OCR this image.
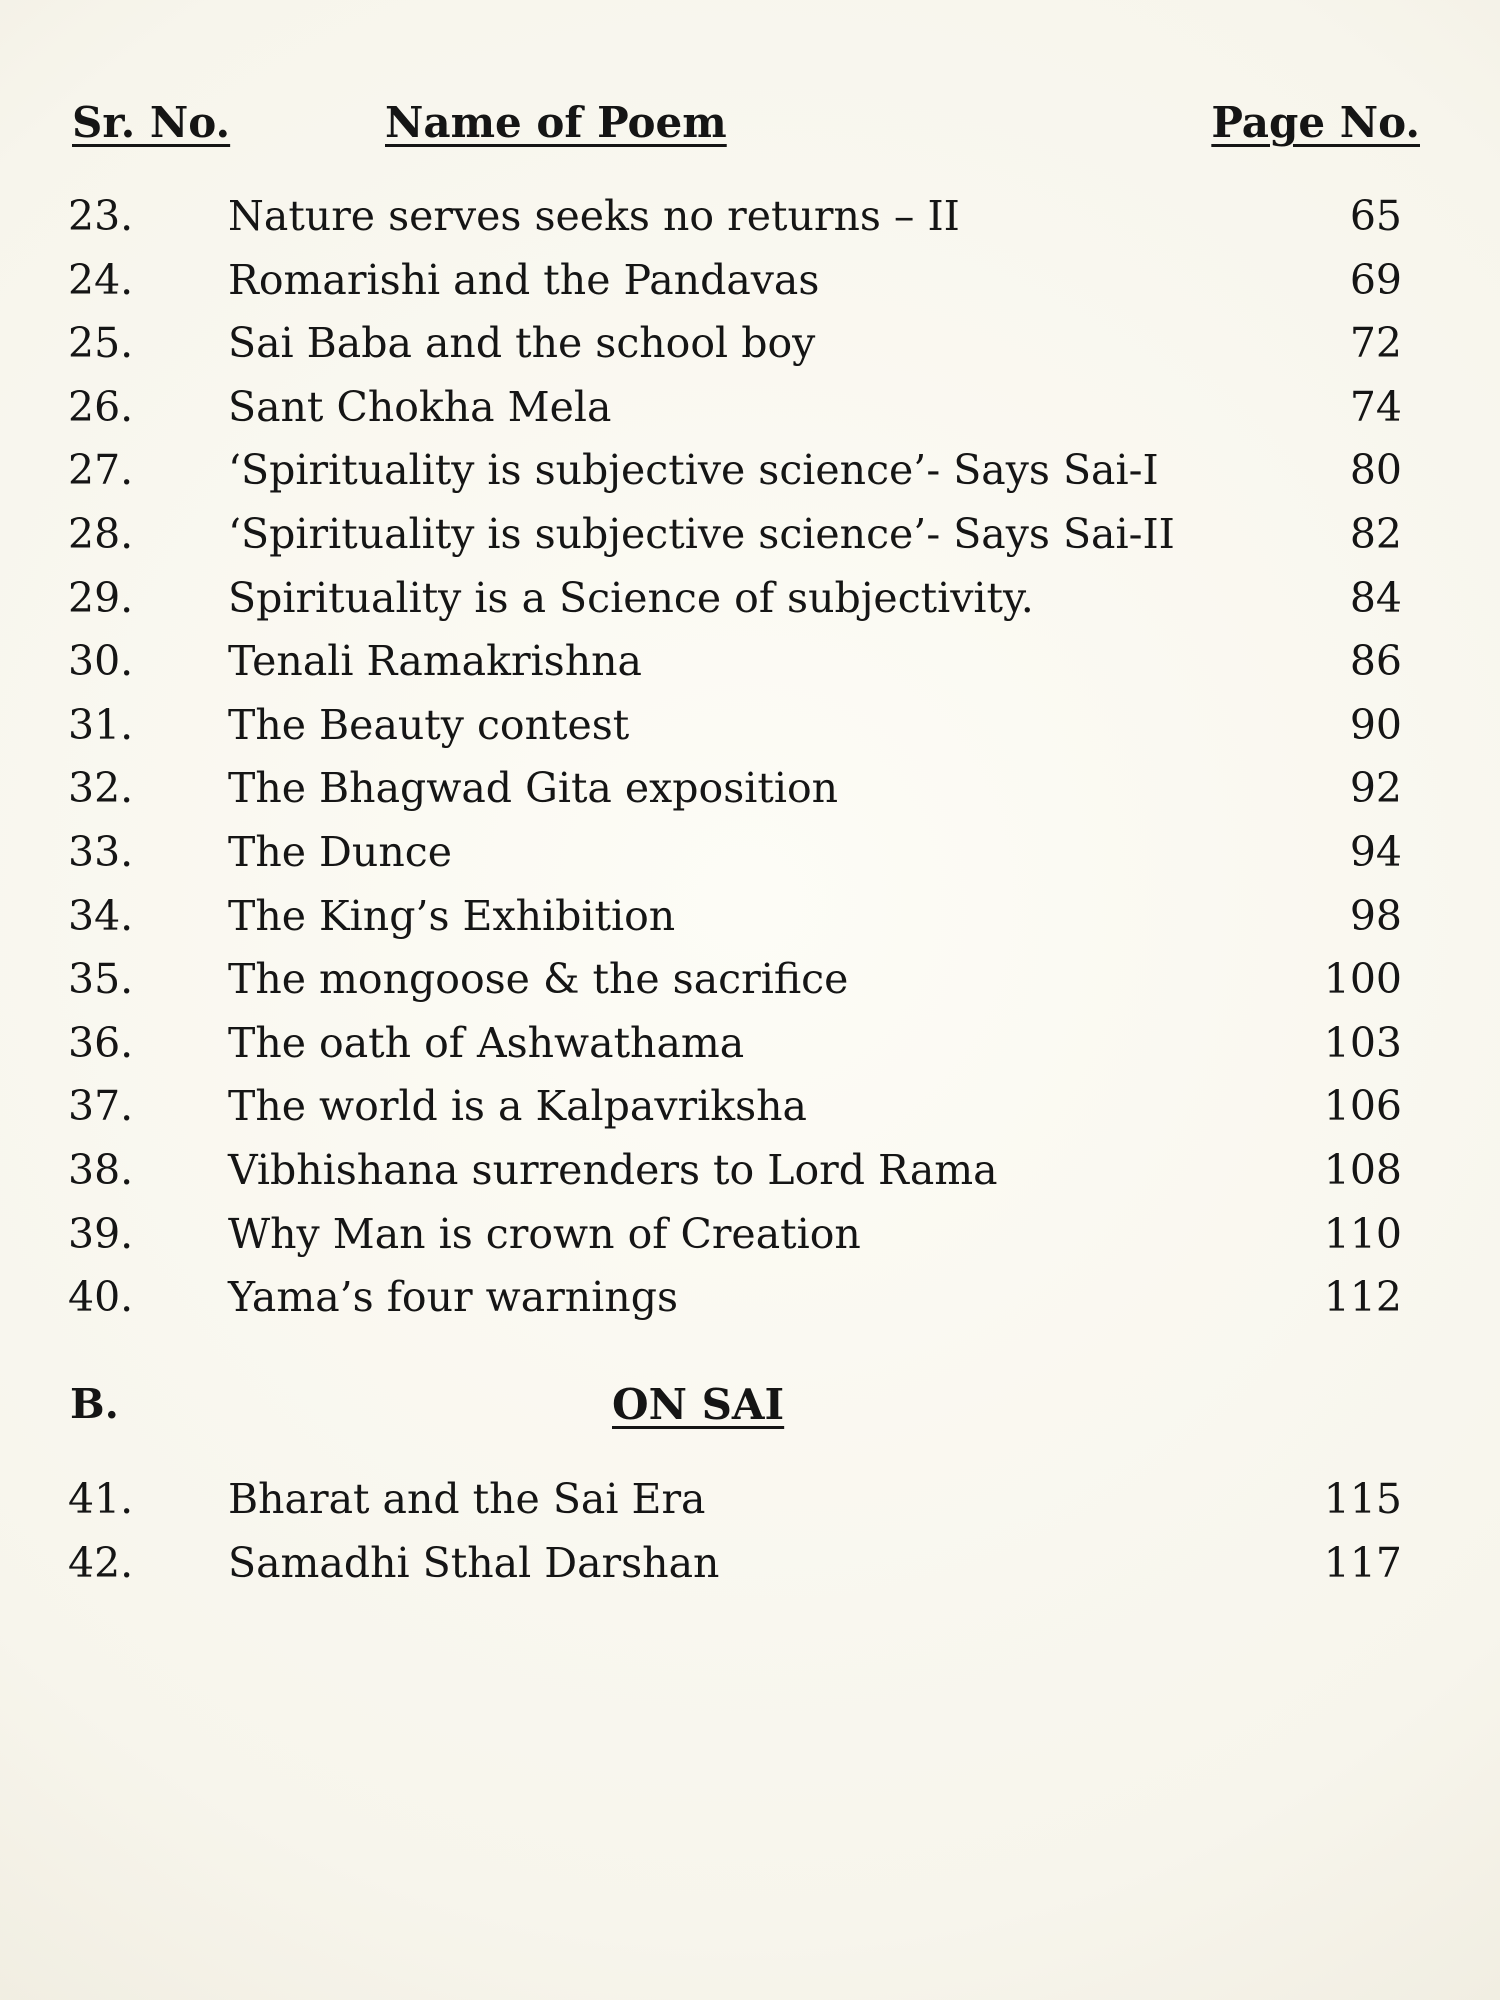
Sr. No.	Name of Poem	Page No.
23. Nature serves seeks no returns – II	65
24. Romarishi and the Pandavas	69
25. Sai Baba and the school boy	72
26. Sant Chokha Mela	74
27. ‘Spirituality is subjective science’- Says Sai-I	80
28. ‘Spirituality is subjective science’- Says Sai-II	82
29. Spirituality is a Science of subjectivity.	84
30. Tenali Ramakrishna	86
31. The Beauty contest	90
32. The Bhagwad Gita exposition	92
33. The Dunce	94
34. The King’s Exhibition	98
35. The mongoose & the sacrifice	100
36. The oath of Ashwathama	103
37. The world is a Kalpavriksha	106
38. Vibhishana surrenders to Lord Rama	108
39. Why Man is crown of Creation	110
40. Yama’s four warnings	112
B.	ON SAI
41. Bharat and the Sai Era	115
42. Samadhi Sthal Darshan	117
